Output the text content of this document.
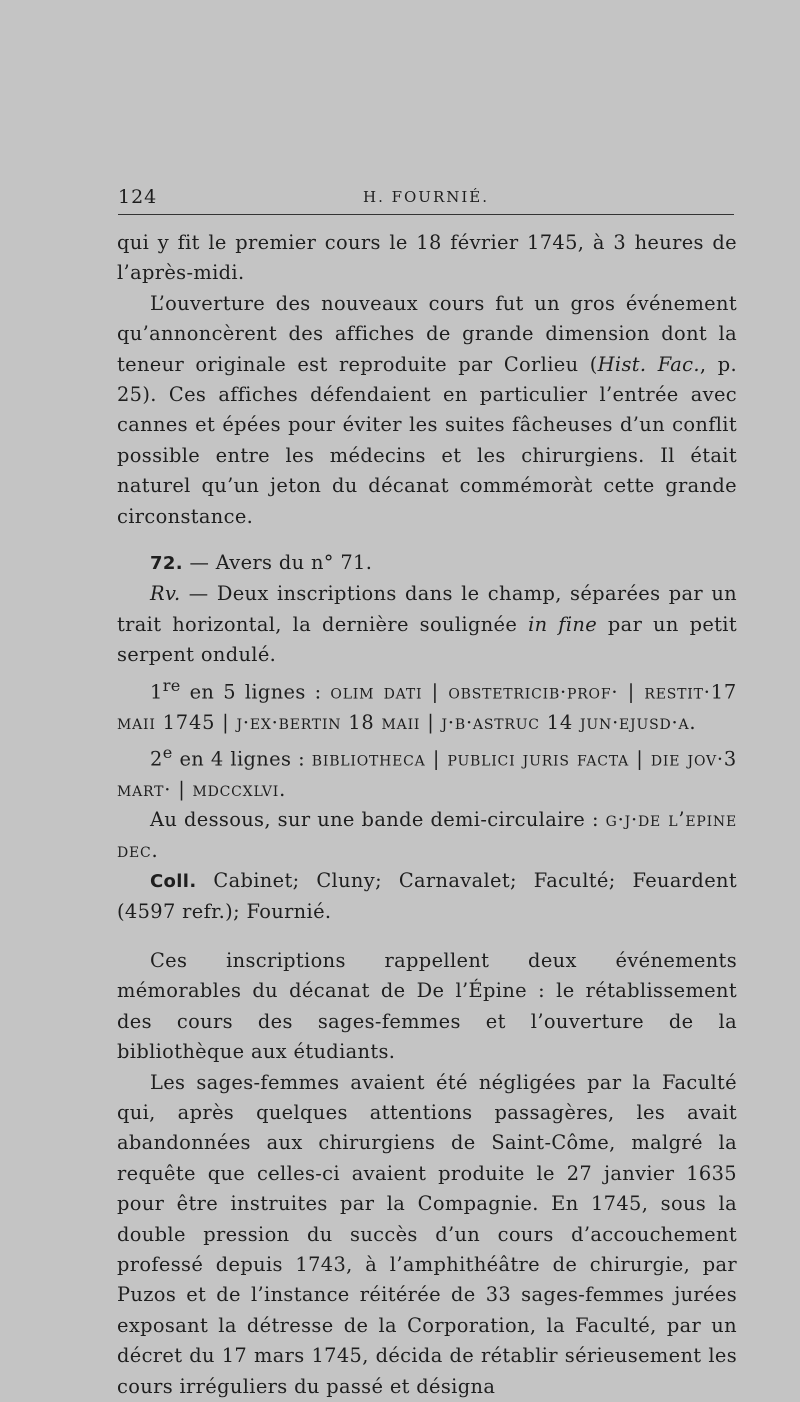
124	H. FOURNIÉ.

qui y fit le premier cours le 18 février 1745, à 3 heures de l’après-midi.

L’ouverture des nouveaux cours fut un gros événement qu’annoncèrent des affiches de grande dimension dont la teneur originale est reproduite par Corlieu (Hist. Fac., p. 25). Ces affiches défendaient en particulier l’entrée avec cannes et épées pour éviter les suites fâcheuses d’un conflit possible entre les médecins et les chirurgiens. Il était naturel qu’un jeton du décanat commémoràt cette grande circonstance.

72. — Avers du n° 71.

Rv. — Deux inscriptions dans le champ, séparées par un trait horizontal, la dernière soulignée in fine par un petit serpent ondulé.

1re en 5 lignes : olim dati | obstetricib·prof· | restit·17 maii 1745 | j·ex·bertin 18 maii | j·b·astruc 14 jun·ejusd·a.

2e en 4 lignes : bibliotheca | publici juris facta | die jov·3 mart· | mdccxlvi.

Au dessous, sur une bande demi-circulaire : g·j·de l’epine dec.

Coll. Cabinet; Cluny; Carnavalet; Faculté; Feuardent (4597 refr.); Fournié.

Ces inscriptions rappellent deux événements mémorables du décanat de De l’Épine : le rétablissement des cours des sages-femmes et l’ouverture de la bibliothèque aux étudiants.

Les sages-femmes avaient été négligées par la Faculté qui, après quelques attentions passagères, les avait abandonnées aux chirurgiens de Saint-Côme, malgré la requête que celles-ci avaient produite le 27 janvier 1635 pour être instruites par la Compagnie. En 1745, sous la double pression du succès d’un cours d’accouchement professé depuis 1743, à l’amphithéâtre de chirurgie, par Puzos et de l’instance réitérée de 33 sages-femmes jurées exposant la détresse de la Corporation, la Faculté, par un décret du 17 mars 1745, décida de rétablir sérieusement les cours irréguliers du passé et désigna
